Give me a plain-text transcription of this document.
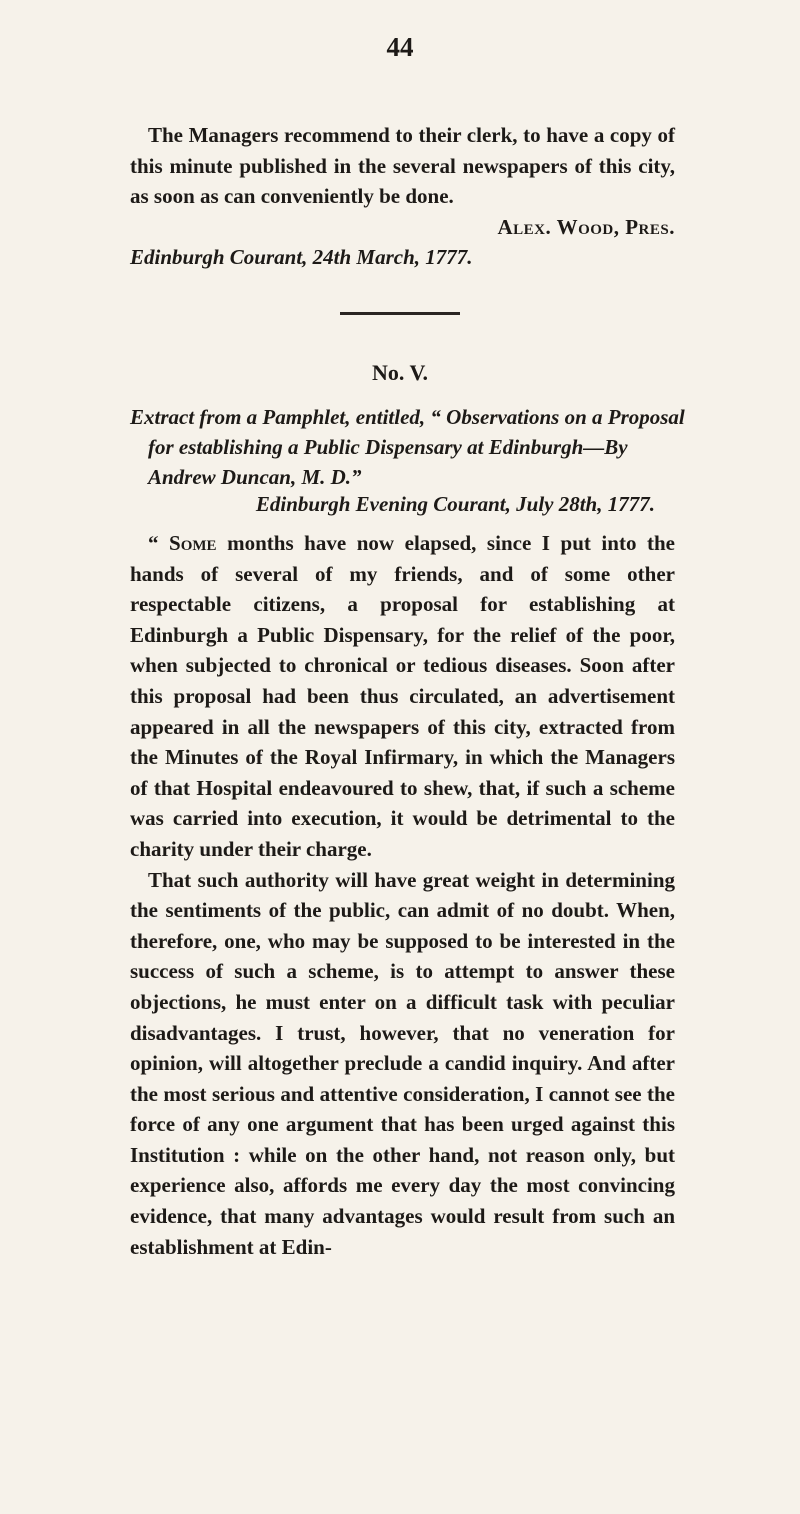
44

The Managers recommend to their clerk, to have a copy of this minute published in the several newspapers of this city, as soon as can conveniently be done.

Alex. Wood, Pres.

Edinburgh Courant, 24th March, 1777.

No. V.
Extract from a Pamphlet, entitled, “ Observations on a Proposal for establishing a Public Dispensary at Edinburgh—By Andrew Duncan, M. D.”
Edinburgh Evening Courant, July 28th, 1777.

“ Some months have now elapsed, since I put into the hands of several of my friends, and of some other respectable citizens, a proposal for establishing at Edinburgh a Public Dispensary, for the relief of the poor, when subjected to chronical or tedious diseases. Soon after this proposal had been thus circulated, an advertisement appeared in all the newspapers of this city, extracted from the Minutes of the Royal Infirmary, in which the Managers of that Hospital endeavoured to shew, that, if such a scheme was carried into execution, it would be detrimental to the charity under their charge.

That such authority will have great weight in determining the sentiments of the public, can admit of no doubt. When, therefore, one, who may be supposed to be interested in the success of such a scheme, is to attempt to answer these objections, he must enter on a difficult task with peculiar disadvantages. I trust, however, that no veneration for opinion, will altogether preclude a candid inquiry. And after the most serious and attentive consideration, I cannot see the force of any one argument that has been urged against this Institution : while on the other hand, not reason only, but experience also, affords me every day the most convincing evidence, that many advantages would result from such an establishment at Edin-
